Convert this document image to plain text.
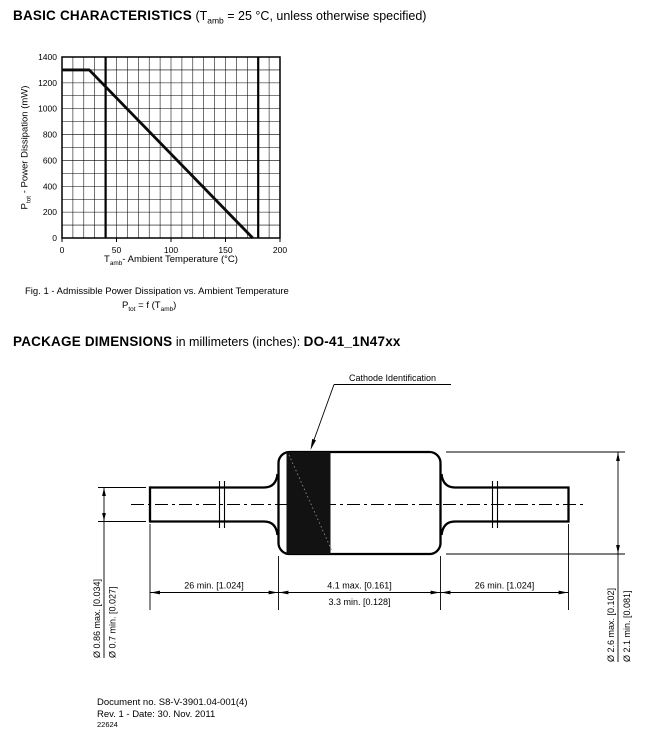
BASIC CHARACTERISTICS ($T_{amb} = 25$ °C, unless otherwise specified)
$P_{tot}$ - Power Dissipation (mW)
0	50	100	150	200
0
200
400
600
800
1000
1200
1400
$T_{amb}-$ Ambient Temperature (°C)
Fig. 1 - Admissible Power Dissipation vs. Ambient Temperature
$P_{tot} = f$ $(T_{amb})$
PACKAGE DIMENSIONS in millimeters (inches): DO-41_1N47xx
Cathode Identification
Ø 0.86 max. [0.034] Ø 0.7 min. [0.027]
26 min. [1.024]	4.1 max. [0.161]
3.3 min. [0.128]
26 min. [1.024]
Ø 2.6 max. [0.102] Ø 2.1 min. [0.081]
Document no. S8-V-3901.04-001(4)
Rev. 1 - Date: 30. Nov. 2011
22624
